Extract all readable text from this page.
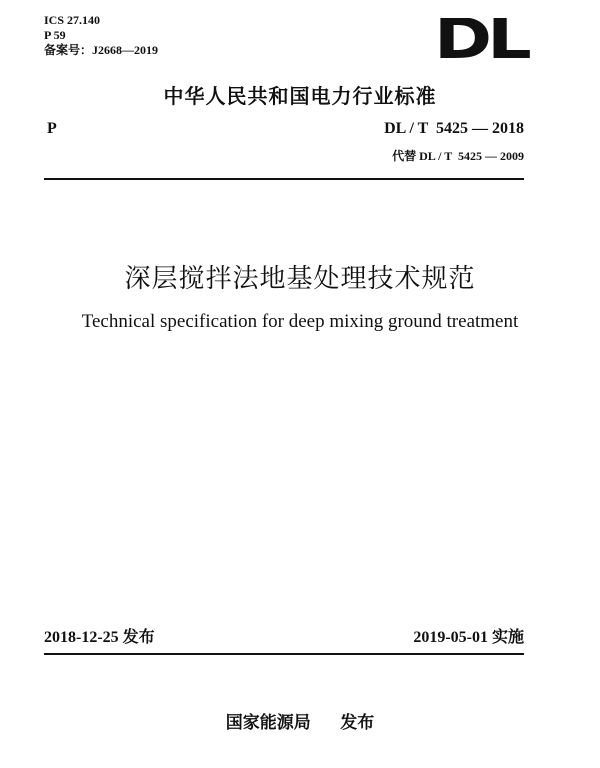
ICS 27.140
P 59
备案号：J2668—2019	DL
中华人民共和国电力行业标准
P	DL / T  5425 — 2018
代替 DL / T  5425 — 2009
深层搅拌法地基处理技术规范
Technical specification for deep mixing ground treatment
2018-12-25 发布	2019-05-01 实施
国家能源局     发布
